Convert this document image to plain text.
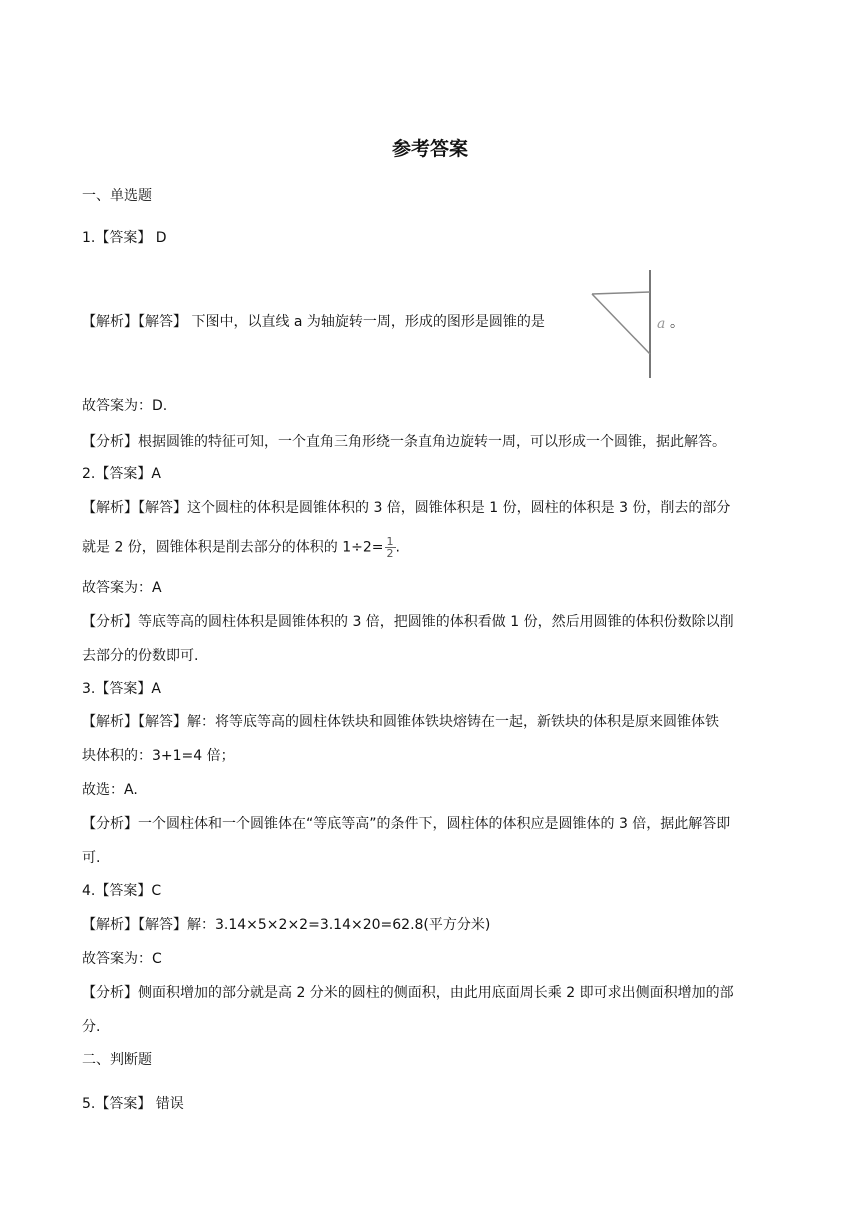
参考答案
一、单选题
1.【答案】 D
【解析】【解答】 下图中，以直线 a 为轴旋转一周，形成的图形是圆锥的是	a 。
故答案为：D.
【分析】根据圆锥的特征可知，一个直角三角形绕一条直角边旋转一周，可以形成一个圆锥，据此解答。
2.【答案】A
【解析】【解答】这个圆柱的体积是圆锥体积的 3 倍，圆锥体积是 1 份，圆柱的体积是 3 份，削去的部分
就是 2 份，圆锥体积是削去部分的体积的 $1\div 2= \frac{1}{2}$ .
故答案为：A
【分析】等底等高的圆柱体积是圆锥体积的 3 倍，把圆锥的体积看做 1 份，然后用圆锥的体积份数除以削
去部分的份数即可.
3.【答案】A
【解析】【解答】解：将等底等高的圆柱体铁块和圆锥体铁块熔铸在一起，新铁块的体积是原来圆锥体铁
块体积的：3+1=4 倍；
故选：A.
【分析】一个圆柱体和一个圆锥体在“等底等高”的条件下，圆柱体的体积应是圆锥体的 3 倍，据此解答即
可.
4.【答案】C
【解析】【解答】解：3.14×5×2×2=3.14×20=62.8(平方分米)
故答案为：C
【分析】侧面积增加的部分就是高 2 分米的圆柱的侧面积，由此用底面周长乘 2 即可求出侧面积增加的部
分.
二、判断题
5.【答案】 错误
